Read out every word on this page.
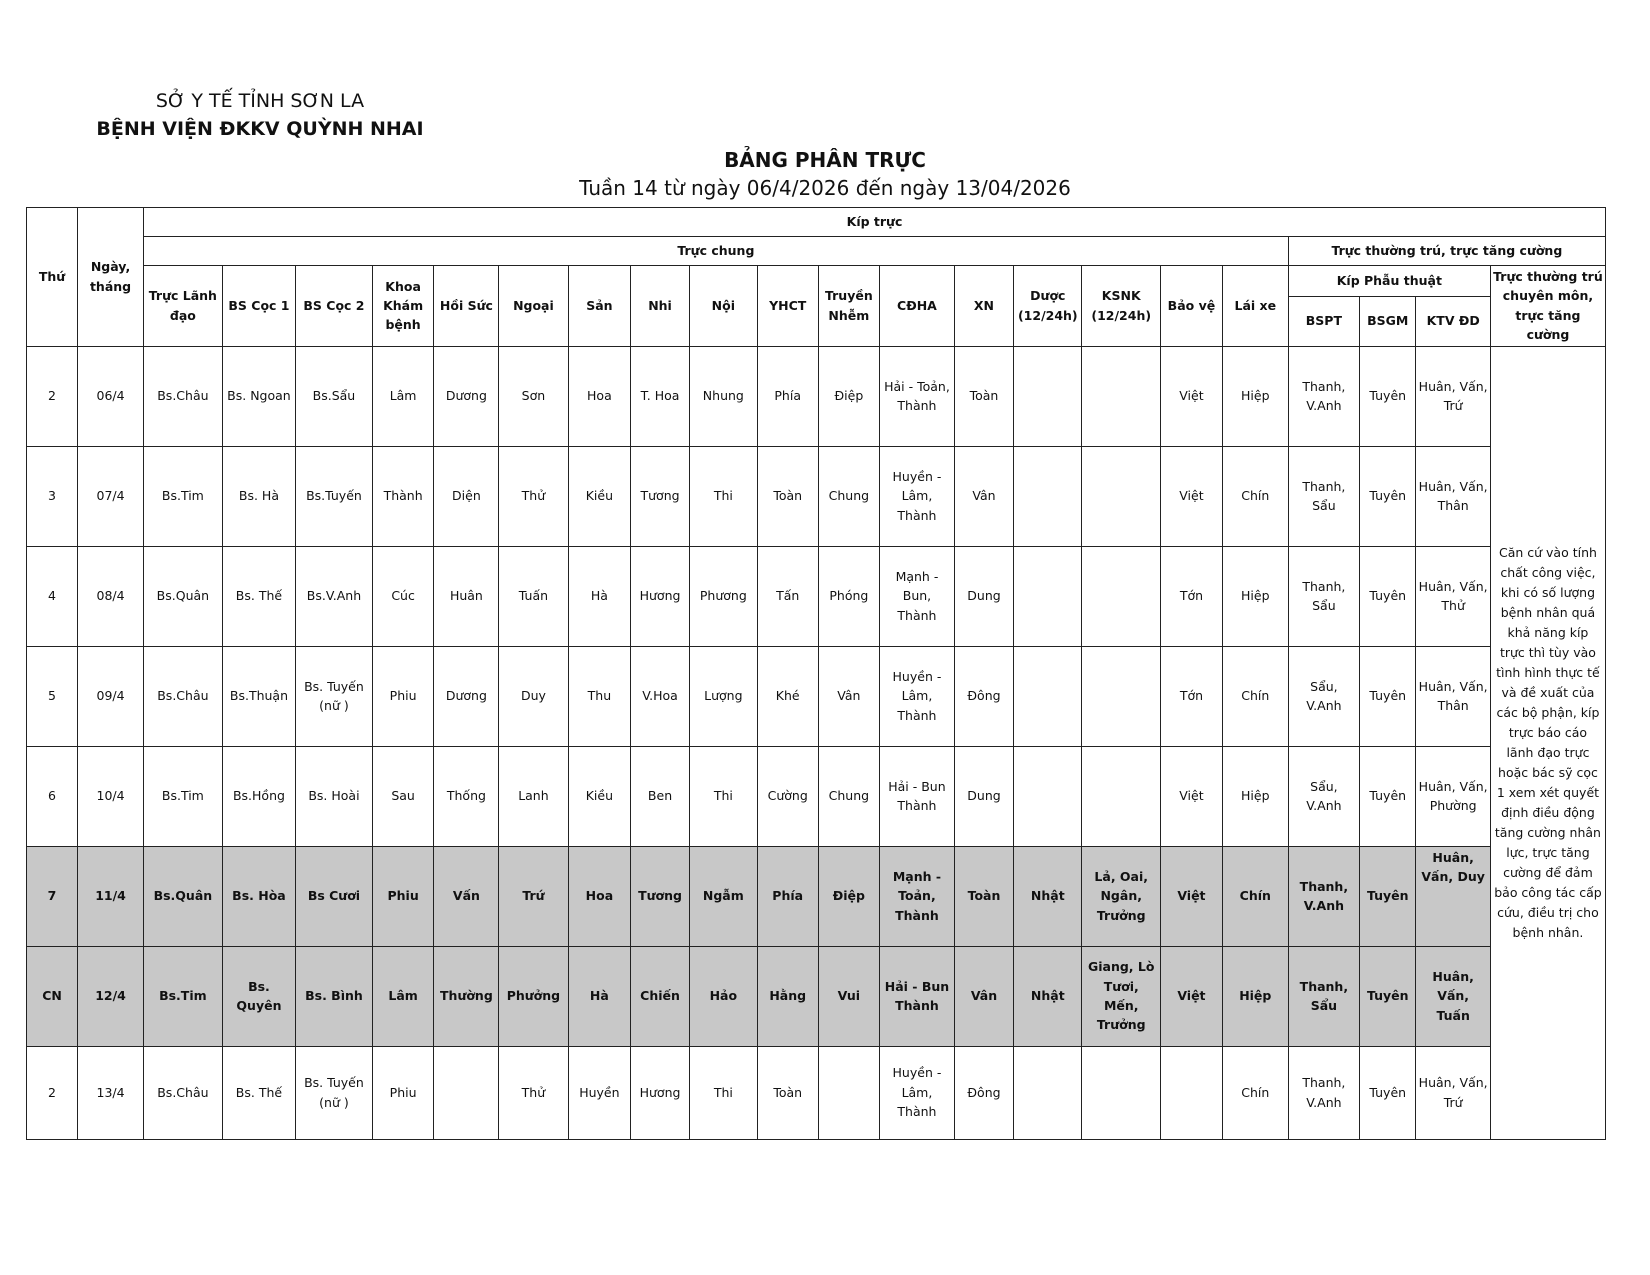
SỞ Y TẾ TỈNH SƠN LA
BỆNH VIỆN ĐKKV QUỲNH NHAI
BẢNG PHÂN TRỰC
Tuần 14 từ ngày 06/4/2026 đến ngày 13/04/2026
Thứ	Ngày, tháng	Kíp trực																				
		Trực chung																	Trực thường trú, trực tăng cường			
		Trực Lãnh đạo	BS Cọc 1	BS Cọc 2	Khoa Khám bệnh	Hồi Sức	Ngoại	Sản	Nhi	Nội	YHCT	Truyền Nhễm	CĐHA	XN	Dược (12/24h)	KSNK (12/24h)	Bảo vệ	Lái xe	Kíp Phẫu thuật			Trực thường trú chuyên môn, trực tăng cường
																			BSPT	BSGM	KTV ĐD	
2	06/4	Bs.Châu	Bs. Ngoan	Bs.Sẩu	Lâm	Dương	Sơn	Hoa	T. Hoa	Nhung	Phía	Điệp	Hải - Toản, Thành	Toàn			Việt	Hiệp	Thanh, V.Anh	Tuyên	Huân, Vấn, Trứ	Căn cứ vào tính chất công việc, khi có số lượng bệnh nhân quá khả năng kíp trực thì tùy vào tình hình thực tế và đề xuất của các bộ phận, kíp trực báo cáo lãnh đạo trực hoặc bác sỹ cọc 1 xem xét quyết định điều động tăng cường nhân lực, trực tăng cường để đảm bảo công tác cấp cứu, điều trị cho bệnh nhân.
3	07/4	Bs.Tim	Bs. Hà	Bs.Tuyến	Thành	Diện	Thử	Kiều	Tương	Thi	Toàn	Chung	Huyền - Lâm, Thành	Vân			Việt	Chín	Thanh, Sẩu	Tuyên	Huân, Vấn, Thân	
4	08/4	Bs.Quân	Bs. Thế	Bs.V.Anh	Cúc	Huân	Tuấn	Hà	Hương	Phương	Tấn	Phóng	Mạnh - Bun, Thành	Dung			Tớn	Hiệp	Thanh, Sẩu	Tuyên	Huân, Vấn, Thử	
5	09/4	Bs.Châu	Bs.Thuận	Bs. Tuyến (nữ )	Phiu	Dương	Duy	Thu	V.Hoa	Lượng	Khé	Vân	Huyền - Lâm, Thành	Đông			Tớn	Chín	Sẩu, V.Anh	Tuyên	Huân, Vấn, Thân	
6	10/4	Bs.Tim	Bs.Hồng	Bs. Hoài	Sau	Thống	Lanh	Kiều	Ben	Thi	Cường	Chung	Hải - Bun Thành	Dung			Việt	Hiệp	Sẩu, V.Anh	Tuyên	Huân, Vấn, Phường	
7	11/4	Bs.Quân	Bs. Hòa	Bs Cươi	Phiu	Vấn	Trứ	Hoa	Tương	Ngẫm	Phía	Điệp	Mạnh - Toản, Thành	Toàn	Nhật	Lả, Oai, Ngân, Trưởng	Việt	Chín	Thanh, V.Anh	Tuyên	Huân, Vấn, Duy	
CN	12/4	Bs.Tim	Bs. Quyên	Bs. Bình	Lâm	Thường	Phưởng	Hà	Chiến	Hảo	Hằng	Vui	Hải - Bun Thành	Vân	Nhật	Giang, Lò Tươi, Mến, Trưởng	Việt	Hiệp	Thanh, Sẩu	Tuyên	Huân, Vấn, Tuấn	
2	13/4	Bs.Châu	Bs. Thế	Bs. Tuyến (nữ )	Phiu		Thử	Huyền	Hương	Thi	Toàn		Huyền - Lâm, Thành	Đông				Chín	Thanh, V.Anh	Tuyên	Huân, Vấn, Trứ	
